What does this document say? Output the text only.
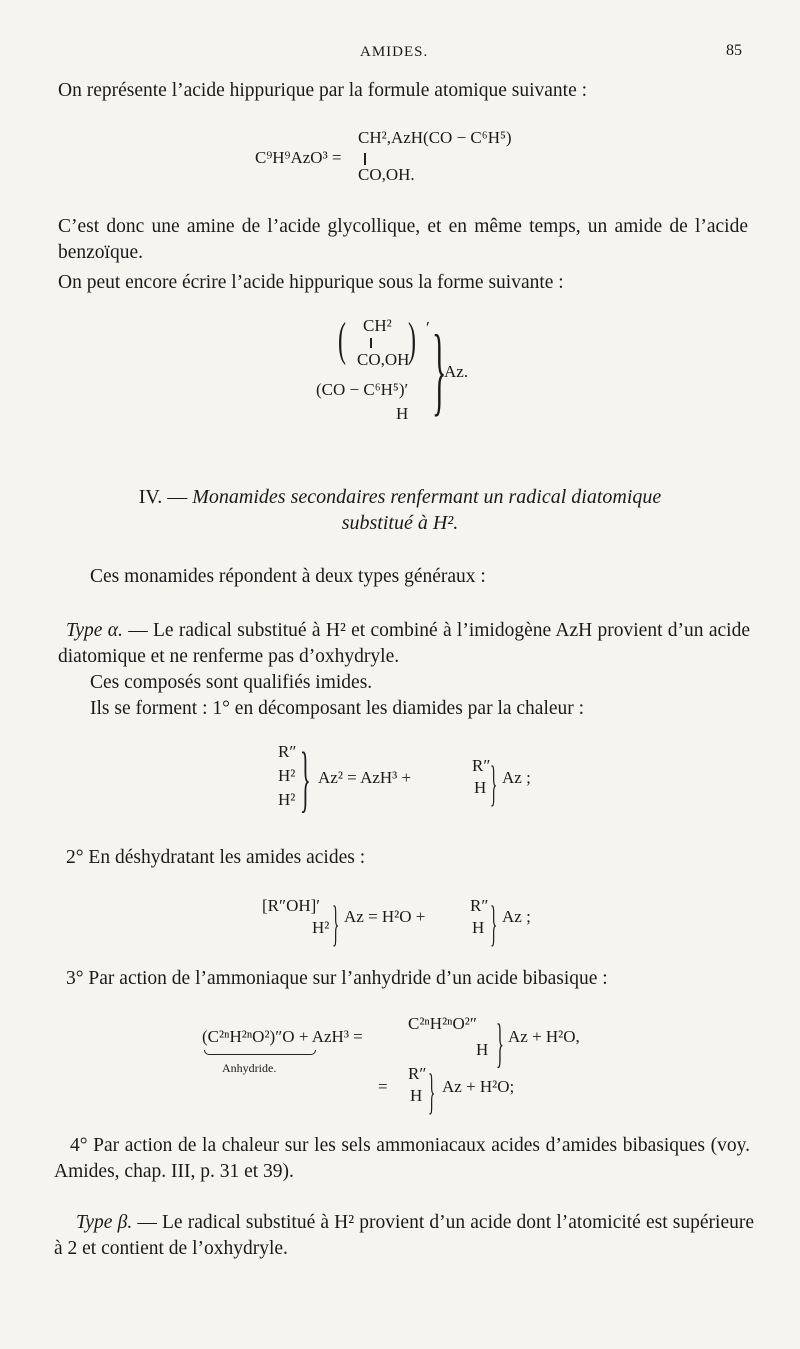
AMIDES.	85
On représente l’acide hippurique par la formule atomique suivante :
C⁹H⁹AzO³ =
CH²,AzH(CO − C⁶H⁵)
CO,OH.
C’est donc une amine de l’acide glycollique, et en même temps, un amide de l’acide benzoïque.
On peut encore écrire l’acide hippurique sous la forme suivante :
( CH²
CO,OH
) ′
(CO − C⁶H⁵)′
H }
Az.
IV. — Monamides secondaires renfermant un radical diatomique
substitué à H².
Ces monamides répondent à deux types généraux :
Type α. — Le radical substitué à H² et combiné à l’imidogène AzH provient d’un acide diatomique et ne renferme pas d’oxhydryle.
Ces composés sont qualifiés imides.
Ils se forment : 1° en décomposant les diamides par la chaleur :
R″
H²
H² } Az² = AzH³ +
R″
H } Az ;
2° En déshydratant les amides acides :
[R″OH]′
H² } Az = H²O +
R″
H } Az ;
3° Par action de l’ammoniaque sur l’anhydride d’un acide bibasique :
(C²ⁿH²ⁿO²)″O + AzH³ =
Anhydride.
C²ⁿH²ⁿO²″
H } Az + H²O,
=
R″
H } Az + H²O;
4° Par action de la chaleur sur les sels ammoniacaux acides d’amides bibasiques (voy. Amides, chap. III, p. 31 et 39).
Type β. — Le radical substitué à H² provient d’un acide dont l’atomicité est supérieure à 2 et contient de l’oxhydryle.
